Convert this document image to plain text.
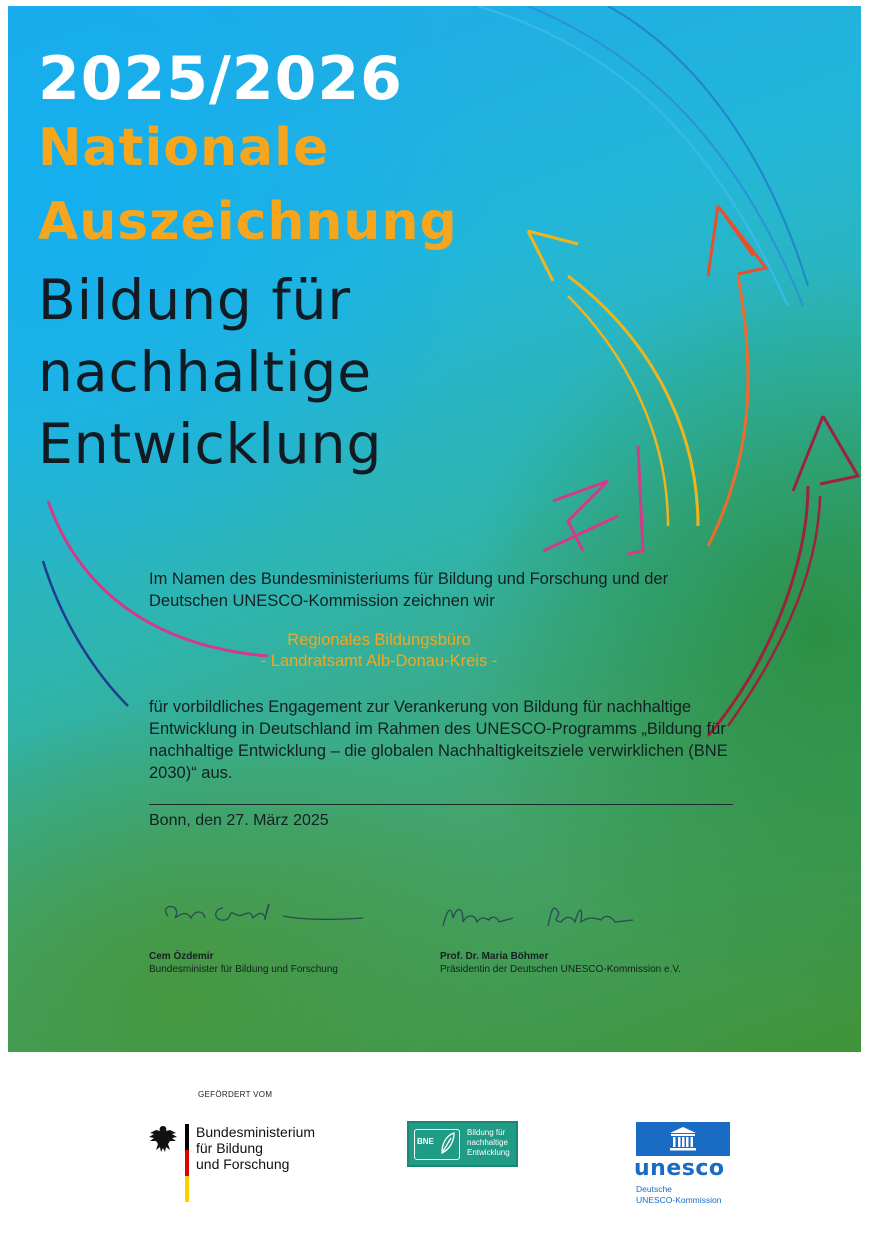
2025/2026
Nationale
Auszeichnung
Bildung für
nachhaltige
Entwicklung
Im Namen des Bundesministeriums für Bildung und Forschung und der Deutschen UNESCO-Kommission zeichnen wir
Regionales Bildungsbüro
- Landratsamt Alb-Donau-Kreis -
für vorbildliches Engagement zur Verankerung von Bildung für nachhaltige Entwicklung in Deutschland im Rahmen des UNESCO-Programms „Bildung für nachhaltige Entwicklung – die globalen Nachhaltigkeitsziele verwirklichen (BNE 2030)“ aus.
Bonn, den 27. März 2025
Cem Özdemir
Bundesminister für Bildung und Forschung
Prof. Dr. Maria Böhmer
Präsidentin der Deutschen UNESCO-Kommission e.V.
GEFÖRDERT VOM
Bundesministerium
für Bildung
und Forschung
BNE
Bildung für
nachhaltige
Entwicklung
unesco
Deutsche
UNESCO-Kommission
